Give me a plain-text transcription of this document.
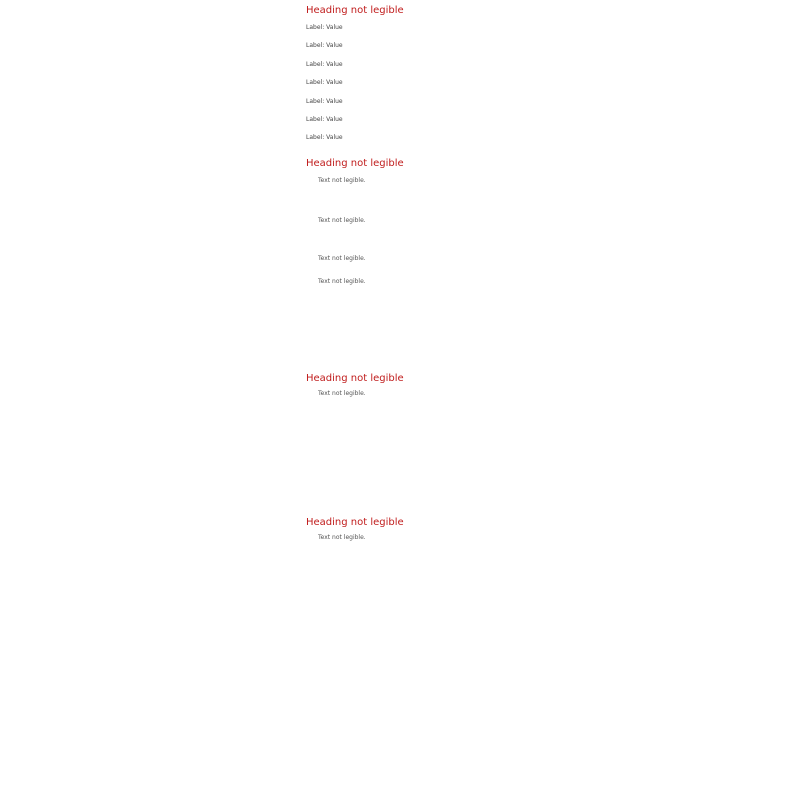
Heading not legible
Label: Value
Label: Value
Label: Value
Label: Value
Label: Value
Label: Value
Label: Value
Heading not legible

Text not legible.

Text not legible.

Text not legible.

Text not legible.

Heading not legible

Text not legible.

Heading not legible

Text not legible.
